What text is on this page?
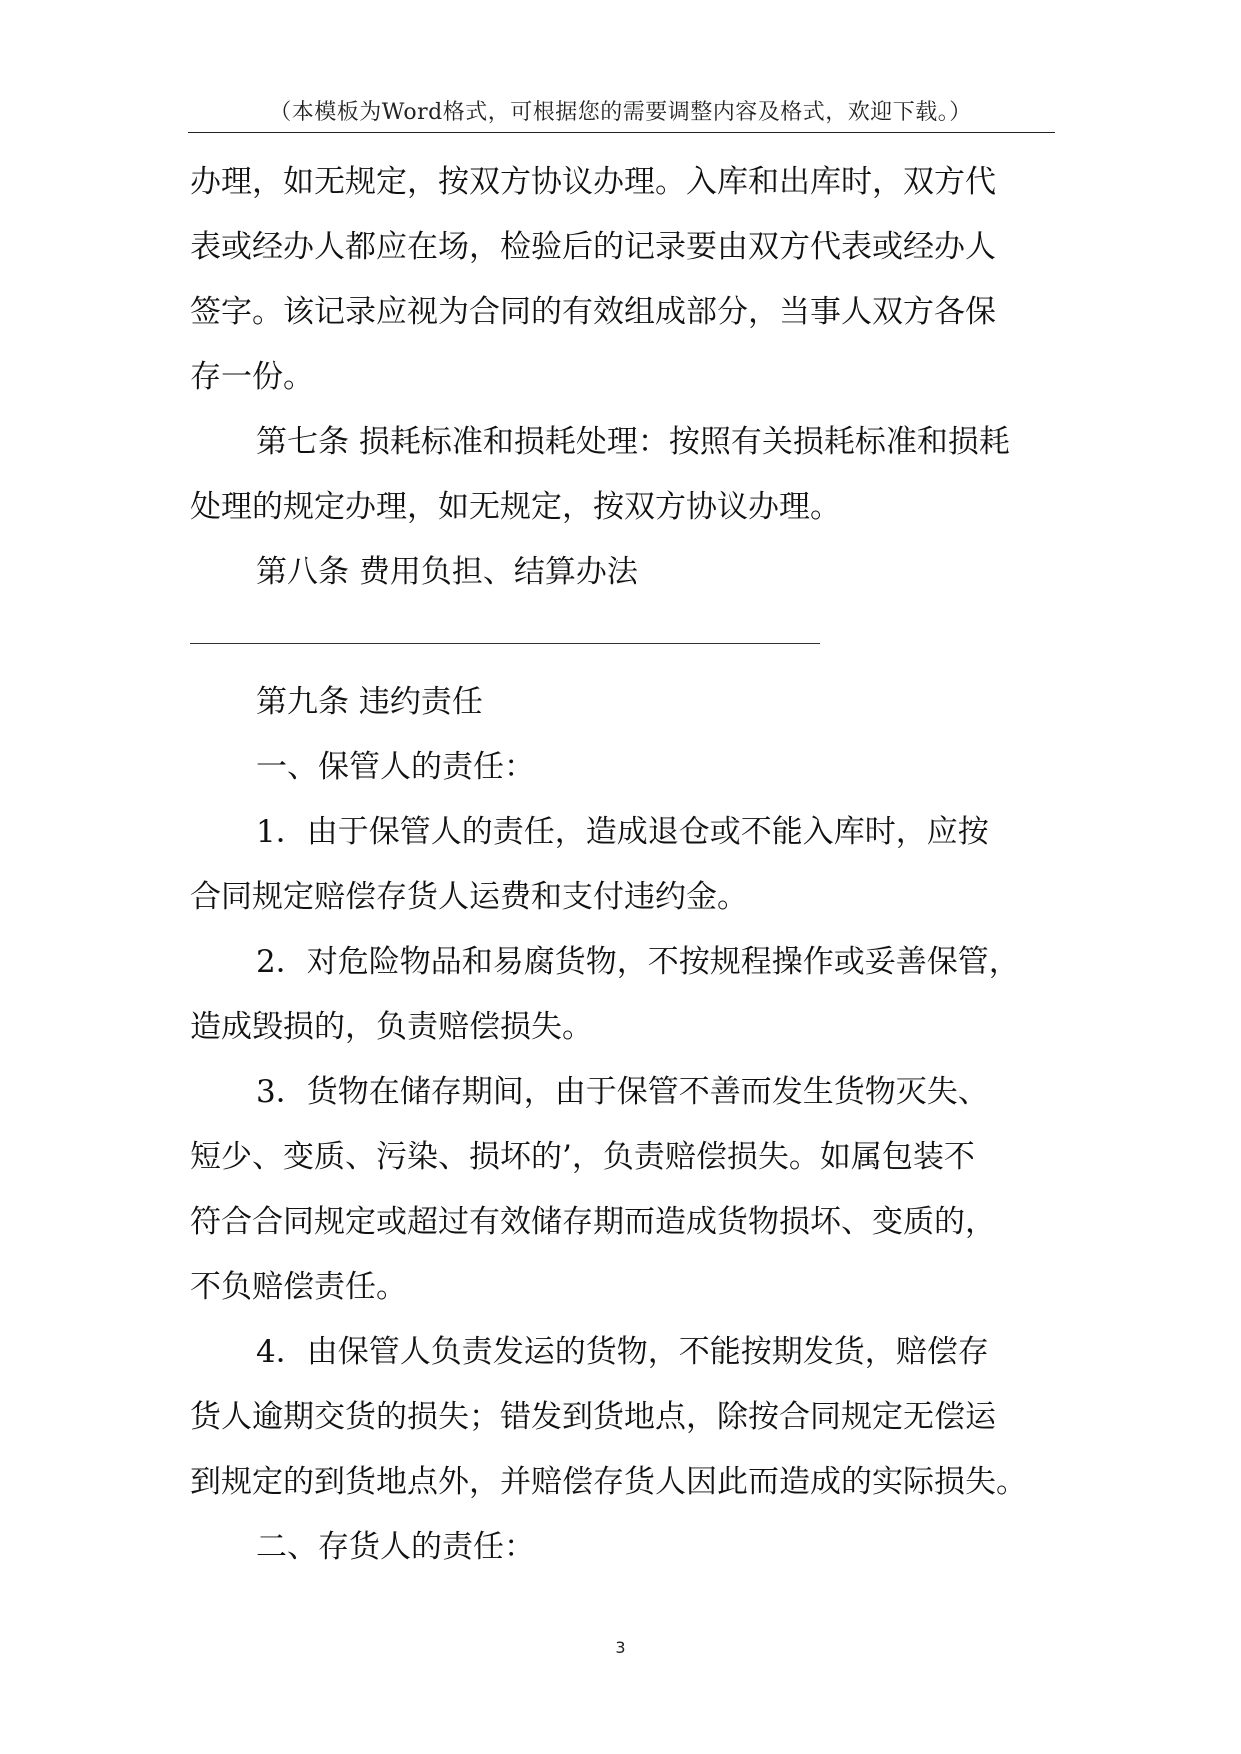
（本模板为Word格式，可根据您的需要调整内容及格式，欢迎下载。）
办理，如无规定，按双方协议办理。入库和出库时，双方代
表或经办人都应在场，检验后的记录要由双方代表或经办人
签字。该记录应视为合同的有效组成部分，当事人双方各保
存一份。
第七条 损耗标准和损耗处理：按照有关损耗标准和损耗
处理的规定办理，如无规定，按双方协议办理。
第八条 费用负担、结算办法
第九条 违约责任
一、保管人的责任：
1．由于保管人的责任，造成退仓或不能入库时，应按
合同规定赔偿存货人运费和支付违约金。
2．对危险物品和易腐货物，不按规程操作或妥善保管，
造成毁损的，负责赔偿损失。
3．货物在储存期间，由于保管不善而发生货物灭失、
短少、变质、污染、损坏的’，负责赔偿损失。如属包装不
符合合同规定或超过有效储存期而造成货物损坏、变质的，
不负赔偿责任。
4．由保管人负责发运的货物，不能按期发货，赔偿存
货人逾期交货的损失；错发到货地点，除按合同规定无偿运
到规定的到货地点外，并赔偿存货人因此而造成的实际损失。
二、存货人的责任：
3
